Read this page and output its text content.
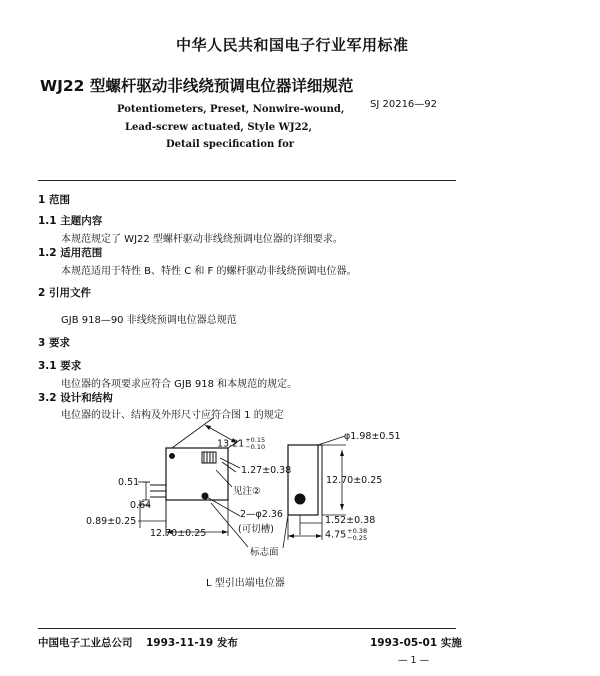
中华人民共和国电子行业军用标准
WJ22 型螺杆驱动非线绕预调电位器详细规范
SJ 20216—92
Potentiometers, Preset, Nonwire-wound,
Lead-screw actuated, Style WJ22,
Detail specification for
1 范围
1.1 主题内容
本规范规定了 WJ22 型螺杆驱动非线绕预调电位器的详细要求。
1.2 适用范围
本规范适用于特性 B、特性 C 和 F 的螺杆驱动非线绕预调电位器。
2 引用文件
GJB 918—90 非线绕预调电位器总规范
3 要求
3.1 要求
电位器的各项要求应符合 GJB 918 和本规范的规定。
3.2 设计和结构
电位器的设计、结构及外形尺寸应符合图 1 的规定
13.21+0.15
−0.10
1.27±0.38
见注②
0.51
0.64
0.89±0.25
12.70±0.25
2—φ2.36
(可切槽)
φ1.98±0.51
12.70±0.25
1.52±0.38
4.75+0.38
−0.25
标志面
L 型引出端电位器
中国电子工业总公司 1993-11-19 发布	1993-05-01 实施
— 1 —
